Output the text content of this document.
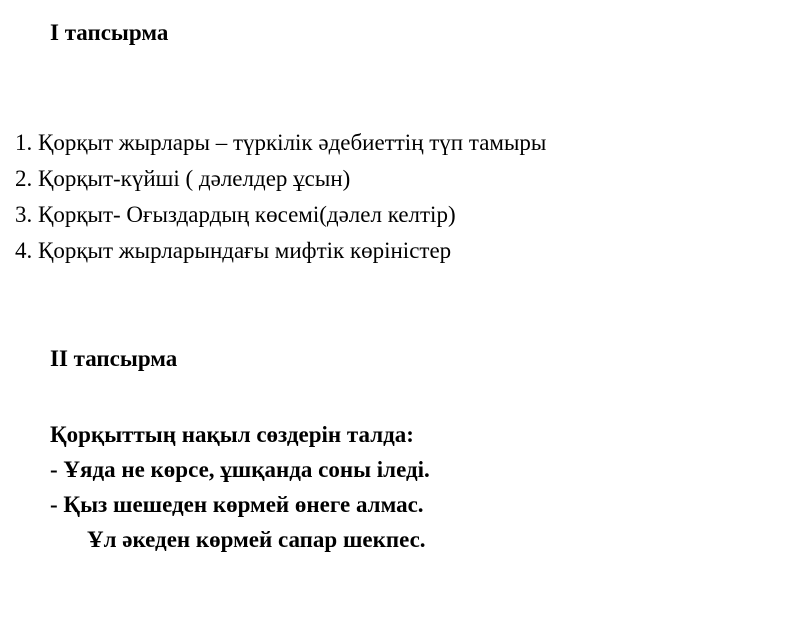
I тапсырма
1. Қорқыт жырлары – түркілік әдебиеттің түп тамыры
2. Қорқыт-күйші ( дәлелдер ұсын)
3. Қорқыт- Оғыздардың көсемі(дәлел келтір)
4. Қорқыт жырларындағы мифтік көріністер
II тапсырма
Қорқыттың нақыл сөздерін талда:
- Ұяда не көрсе, ұшқанда соны іледі.
- Қыз шешеден көрмей өнеге алмас.
Ұл әкеден көрмей сапар шекпес.
